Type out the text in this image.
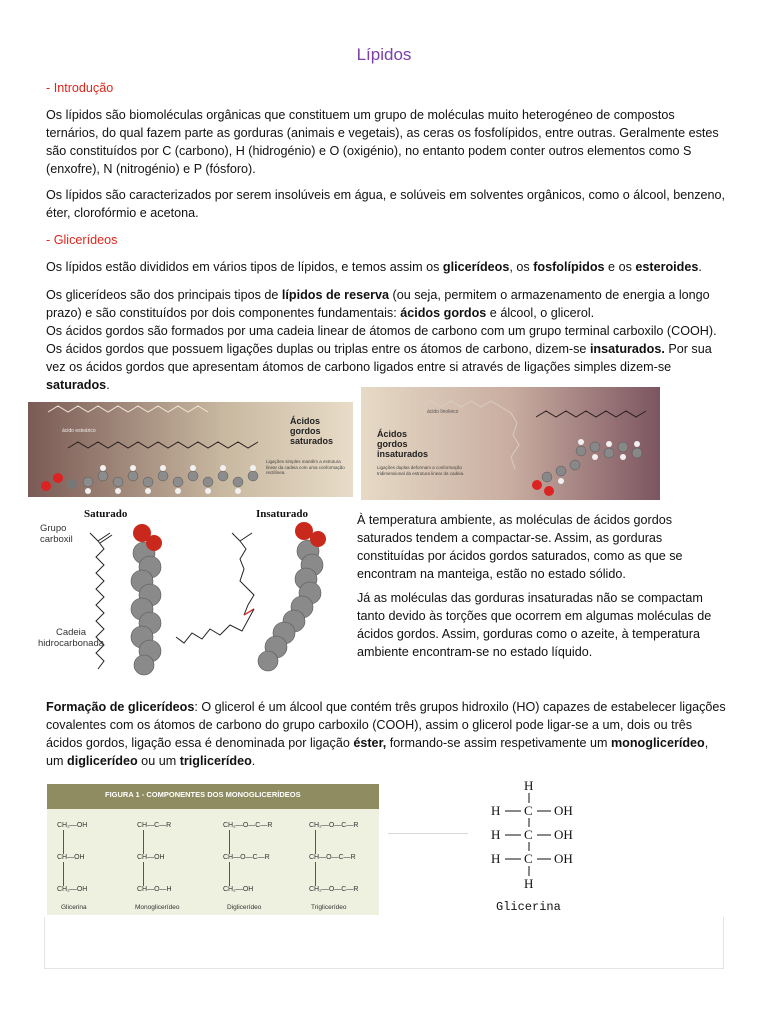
Lípidos
- Introdução
Os lípidos são biomoléculas orgânicas que constituem um grupo de moléculas muito heterogéneo de compostos ternários, do qual fazem parte as gorduras (animais e vegetais), as ceras os fosfolípidos, entre outras. Geralmente estes são constituídos por C (carbono), H (hidrogénio) e O (oxigénio), no entanto podem conter outros elementos como S (enxofre), N (nitrogénio) e P (fósforo).
Os lípidos são caracterizados por serem insolúveis em água, e solúveis em solventes orgânicos, como o álcool, benzeno, éter, clorofórmio e acetona.
- Glicerídeos
Os lípidos estão divididos em vários tipos de lípidos, e temos assim os glicerídeos, os fosfolípidos e os esteroides.
Os glicerídeos são dos principais tipos de lípidos de reserva (ou seja, permitem o armazenamento de energia a longo prazo) e são constituídos por dois componentes fundamentais: ácidos gordos e álcool, o glicerol.
Os ácidos gordos são formados por uma cadeia linear de átomos de carbono com um grupo terminal carboxilo (COOH). Os ácidos gordos que possuem ligações duplas ou triplas entre os átomos de carbono, dizem-se insaturados. Por sua vez os ácidos gordos que apresentam átomos de carbono ligados entre si através de ligações simples dizem-se saturados.
ácido esteárico
Ácidos
gordos
saturados
Ligações simples mantêm a estrutura linear da cadeia com uma conformação rectilínea.
ácido linoleico
Ácidos
gordos
insaturados
Ligações duplas deformam a conformação tridimensional da estrutura linear da cadeia.
Saturado	Insaturado
Grupo
carboxil
Cadeia
hidrocarbonada
À temperatura ambiente, as moléculas de ácidos gordos saturados tendem a compactar-se. Assim, as gorduras constituídas por ácidos gordos saturados, como as que se encontram na manteiga, estão no estado sólido.
Já as moléculas das gorduras insaturadas não se compactam tanto devido às torções que ocorrem em algumas moléculas de ácidos gordos. Assim, gorduras como o azeite, à temperatura ambiente encontram-se no estado líquido.
Formação de glicerídeos: O glicerol é um álcool que contém três grupos hidroxilo (HO) capazes de estabelecer ligações covalentes com os átomos de carbono do grupo carboxilo (COOH), assim o glicerol pode ligar-se a um, dois ou três ácidos gordos, ligação essa é denominada por ligação éster, formando-se assim respetivamente um monoglicerídeo, um diglicerídeo ou um triglicerídeo.
FIGURA 1 - COMPONENTES DOS MONOGLICERÍDEOS
CH₂—OH
CH—OH
CH₂—OH
CH—C—R
CH—OH
CH—O—H
CH₂—O—C—R
CH—O—C—R
CH₂—OH
CH₂—O—C—R
CH—O—C—R
CH₂—O—C—R
Glicerina	Monoglicerídeo	Diglicerídeo	Triglicerídeo
H
H C OH
H C OH
H C OH
H
Glicerina
